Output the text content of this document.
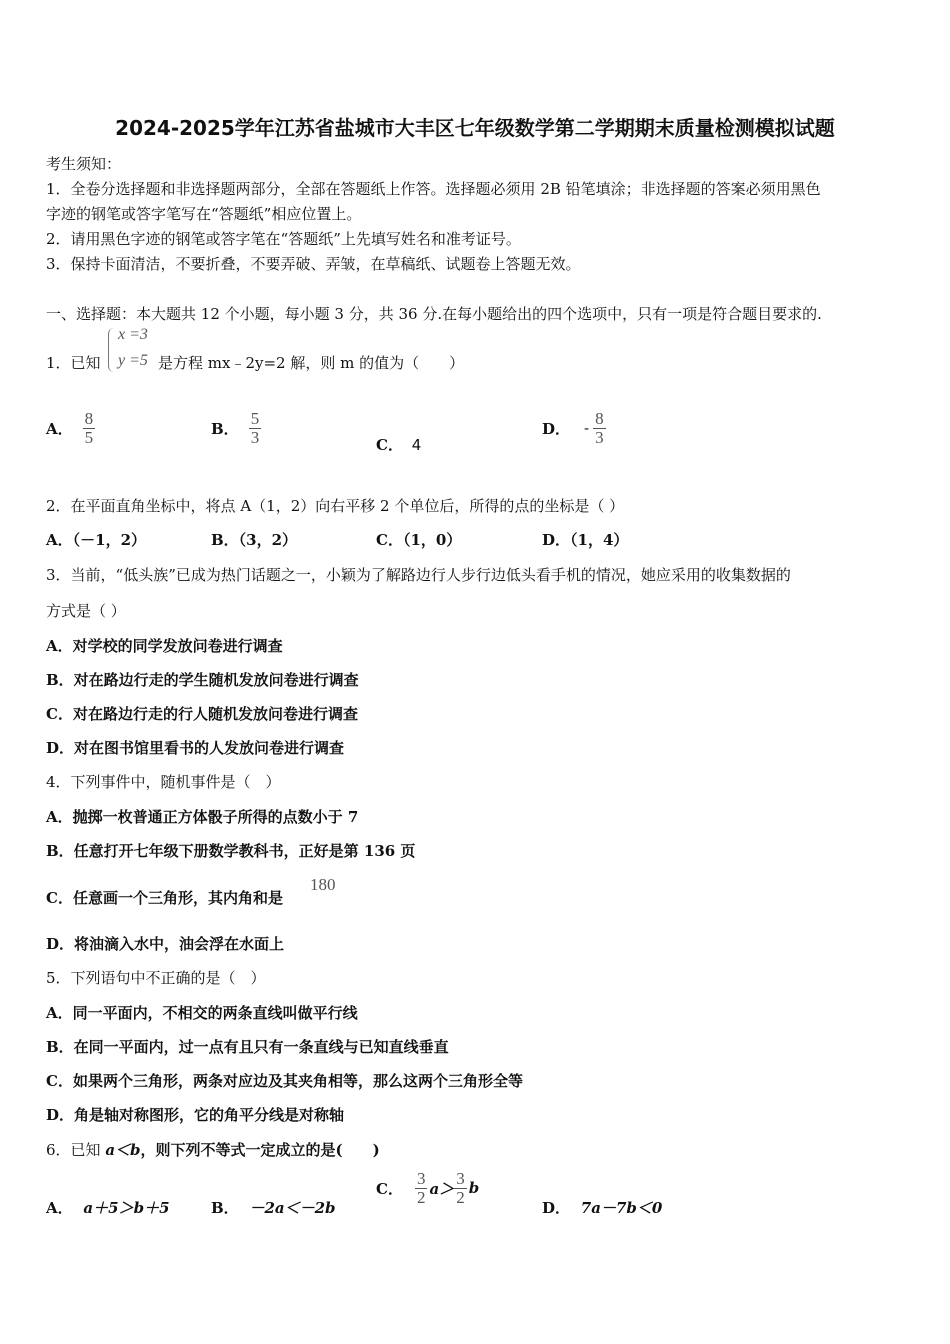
2024-2025学年江苏省盐城市大丰区七年级数学第二学期期末质量检测模拟试题
考生须知：
1．全卷分选择题和非选择题两部分，全部在答题纸上作答。选择题必须用 2B 铅笔填涂；非选择题的答案必须用黑色
字迹的钢笔或答字笔写在“答题纸”相应位置上。
2．请用黑色字迹的钢笔或答字笔在“答题纸”上先填写姓名和准考证号。
3．保持卡面清洁，不要折叠，不要弄破、弄皱，在草稿纸、试题卷上答题无效。
一、选择题：本大题共 12 个小题，每小题 3 分，共 36 分.在每小题给出的四个选项中，只有一项是符合题目要求的.
1．已知
x =3
y =5 是方程 mx﹣2y=2 解，则 m 的值为（　　）
A． $\frac{8}{5}$	B． $\frac{5}{3}$	C． 4
D． - $\frac{8}{3}$
2．在平面直角坐标中，将点 A（1，2）向右平移 2 个单位后，所得的点的坐标是（ ）
A．（－1，2）	B．（3，2）	C．（1，0）	D．（1，4）
3．当前，“低头族”已成为热门话题之一，小颖为了解路边行人步行边低头看手机的情况，她应采用的收集数据的
方式是（ ）
A．对学校的同学发放问卷进行调查
B．对在路边行走的学生随机发放问卷进行调查
C．对在路边行走的行人随机发放问卷进行调查
D．对在图书馆里看书的人发放问卷进行调查
4．下列事件中，随机事件是（　）
A．抛掷一枚普通正方体骰子所得的点数小于 7
B．任意打开七年级下册数学教科书，正好是第 136 页
C．任意画一个三角形，其内角和是
180
D．将油滴入水中，油会浮在水面上
5．下列语句中不正确的是（　）
A．同一平面内，不相交的两条直线叫做平行线
B．在同一平面内，过一点有且只有一条直线与已知直线垂直
C．如果两个三角形，两条对应边及其夹角相等，那么这两个三角形全等
D．角是轴对称图形，它的角平分线是对称轴
6．已知 a＜b，则下列不等式一定成立的是(　　)
A． a＋5＞b＋5	B． －2a＜－2b
C． $\frac{3}{2} a> \frac{3}{2}$ b
D． 7a－7b＜0
